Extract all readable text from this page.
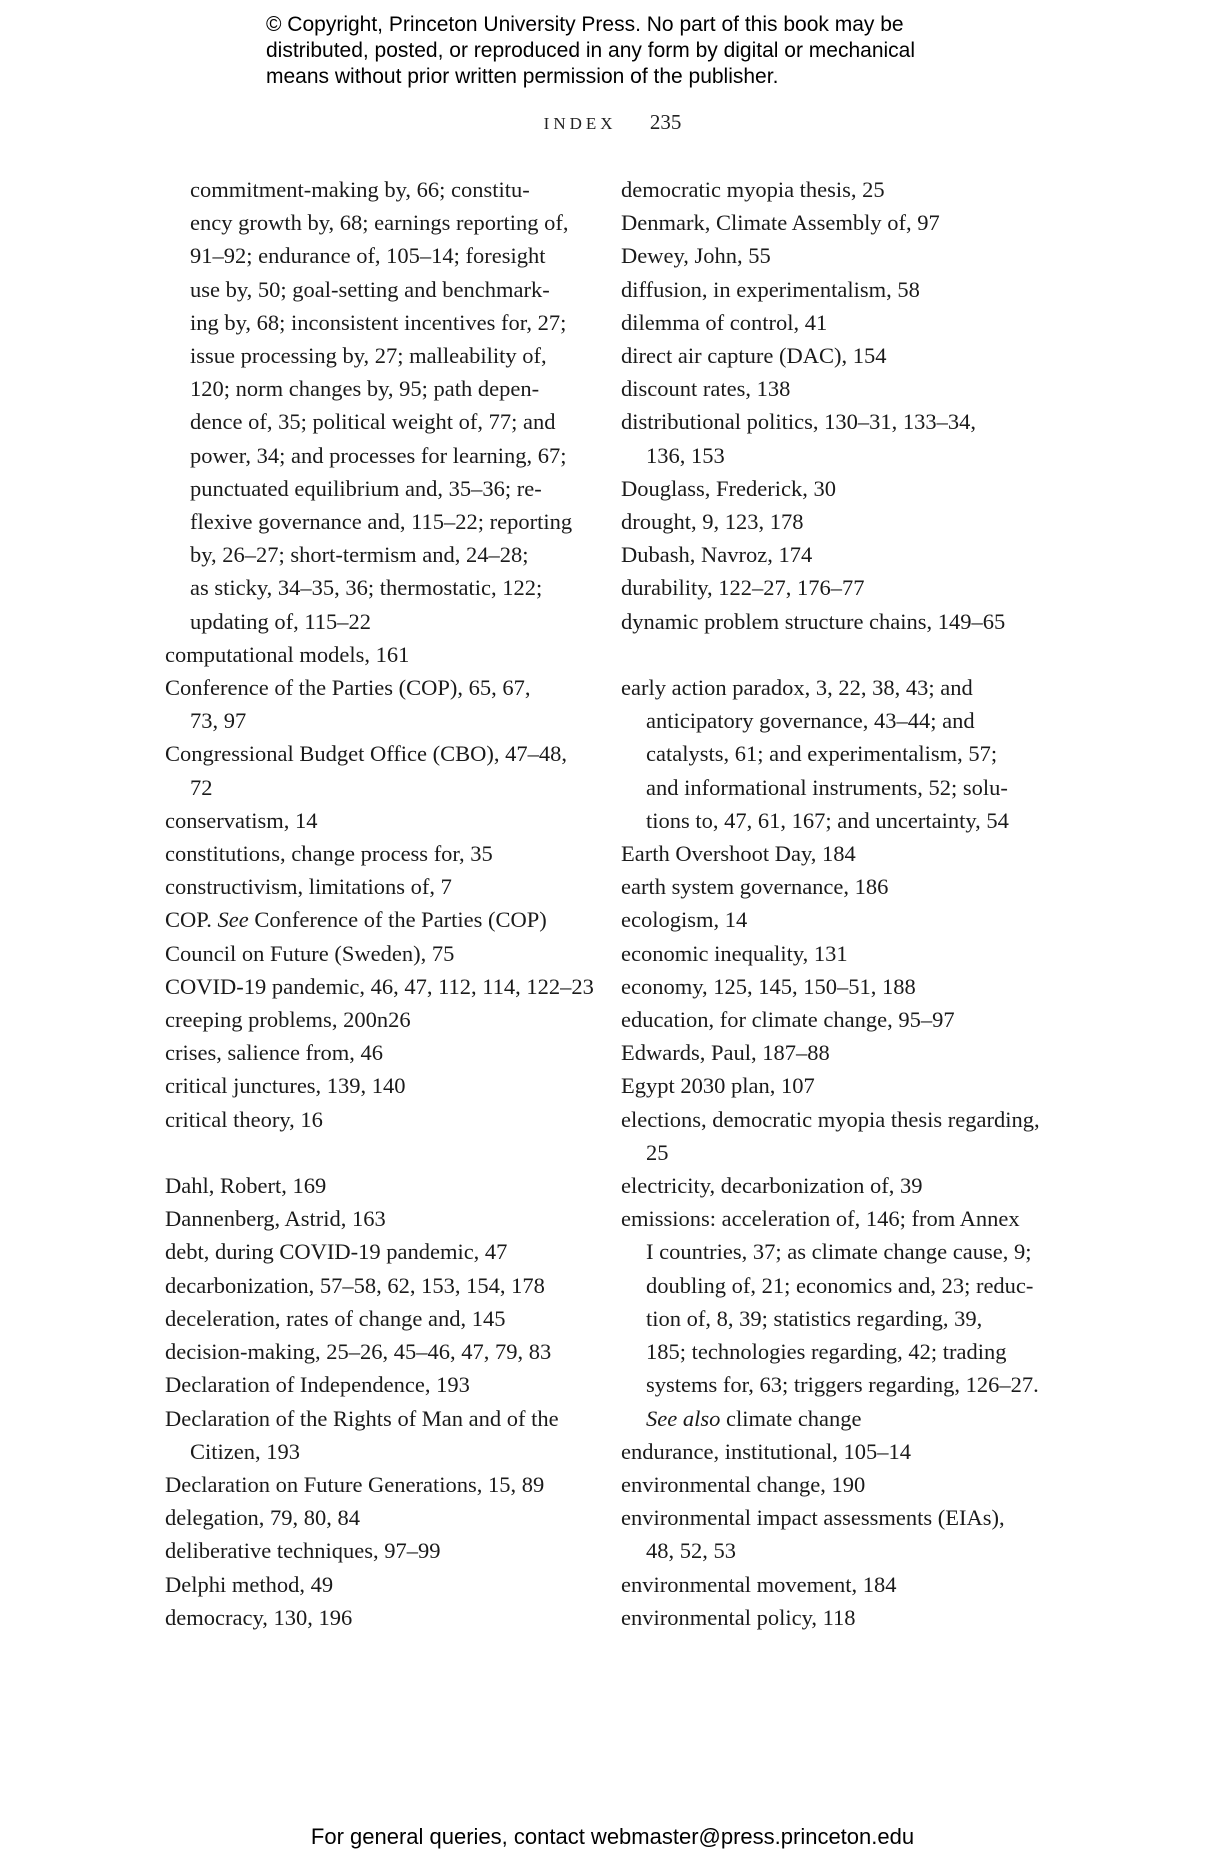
© Copyright, Princeton University Press. No part of this book may be
distributed, posted, or reproduced in any form by digital or mechanical
means without prior written permission of the publisher.
INDEX 235
commitment-making by, 66; constitu-
ency growth by, 68; earnings reporting of,
91–92; endurance of, 105–14; foresight
use by, 50; goal-setting and benchmark-
ing by, 68; inconsistent incentives for, 27;
issue processing by, 27; malleability of,
120; norm changes by, 95; path depen-
dence of, 35; political weight of, 77; and
power, 34; and processes for learning, 67;
punctuated equilibrium and, 35–36; re-
flexive governance and, 115–22; reporting
by, 26–27; short-termism and, 24–28;
as sticky, 34–35, 36; thermostatic, 122;
updating of, 115–22
computational models, 161
Conference of the Parties (COP), 65, 67,
73, 97
Congressional Budget Office (CBO), 47–48,
72
conservatism, 14
constitutions, change process for, 35
constructivism, limitations of, 7
COP. See Conference of the Parties (COP)
Council on Future (Sweden), 75
COVID-19 pandemic, 46, 47, 112, 114, 122–23
creeping problems, 200n26
crises, salience from, 46
critical junctures, 139, 140
critical theory, 16
Dahl, Robert, 169
Dannenberg, Astrid, 163
debt, during COVID-19 pandemic, 47
decarbonization, 57–58, 62, 153, 154, 178
deceleration, rates of change and, 145
decision-making, 25–26, 45–46, 47, 79, 83
Declaration of Independence, 193
Declaration of the Rights of Man and of the
Citizen, 193
Declaration on Future Generations, 15, 89
delegation, 79, 80, 84
deliberative techniques, 97–99
Delphi method, 49
democracy, 130, 196
democratic myopia thesis, 25
Denmark, Climate Assembly of, 97
Dewey, John, 55
diffusion, in experimentalism, 58
dilemma of control, 41
direct air capture (DAC), 154
discount rates, 138
distributional politics, 130–31, 133–34,
136, 153
Douglass, Frederick, 30
drought, 9, 123, 178
Dubash, Navroz, 174
durability, 122–27, 176–77
dynamic problem structure chains, 149–65
early action paradox, 3, 22, 38, 43; and
anticipatory governance, 43–44; and
catalysts, 61; and experimentalism, 57;
and informational instruments, 52; solu-
tions to, 47, 61, 167; and uncertainty, 54
Earth Overshoot Day, 184
earth system governance, 186
ecologism, 14
economic inequality, 131
economy, 125, 145, 150–51, 188
education, for climate change, 95–97
Edwards, Paul, 187–88
Egypt 2030 plan, 107
elections, democratic myopia thesis regarding,
25
electricity, decarbonization of, 39
emissions: acceleration of, 146; from Annex
I countries, 37; as climate change cause, 9;
doubling of, 21; economics and, 23; reduc-
tion of, 8, 39; statistics regarding, 39,
185; technologies regarding, 42; trading
systems for, 63; triggers regarding, 126–27.
See also climate change
endurance, institutional, 105–14
environmental change, 190
environmental impact assessments (EIAs),
48, 52, 53
environmental movement, 184
environmental policy, 118
For general queries, contact webmaster@press.princeton.edu
